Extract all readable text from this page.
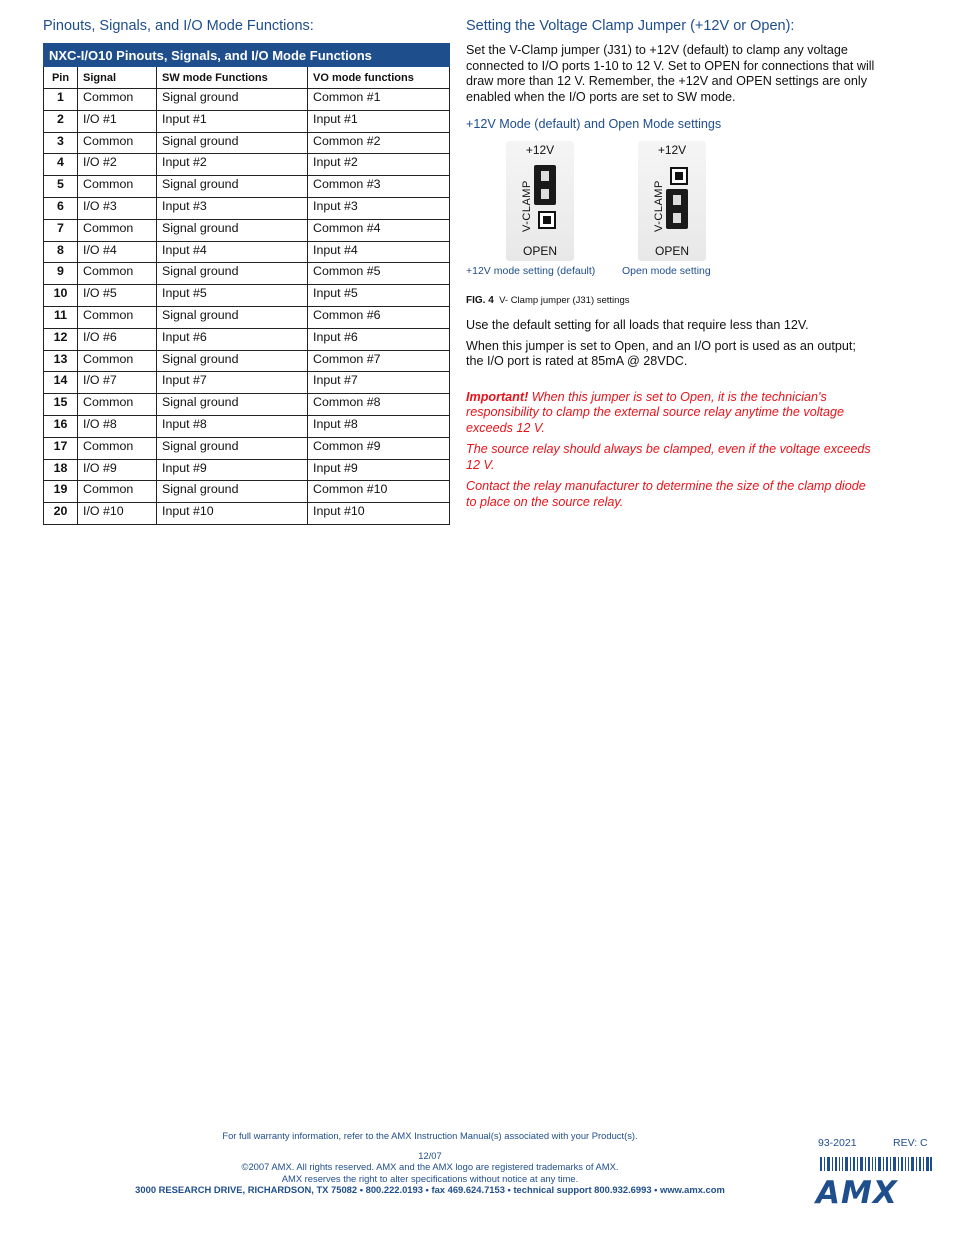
Pinouts, Signals, and I/O Mode Functions:
NXC-I/O10 Pinouts, Signals, and I/O Mode Functions			
Pin	Signal	SW mode Functions	VO mode functions
1	Common	Signal ground	Common #1
2	I/O #1	Input #1	Input #1
3	Common	Signal ground	Common #2
4	I/O #2	Input #2	Input #2
5	Common	Signal ground	Common #3
6	I/O #3	Input #3	Input #3
7	Common	Signal ground	Common #4
8	I/O #4	Input #4	Input #4
9	Common	Signal ground	Common #5
10	I/O #5	Input #5	Input #5
11	Common	Signal ground	Common #6
12	I/O #6	Input #6	Input #6
13	Common	Signal ground	Common #7
14	I/O #7	Input #7	Input #7
15	Common	Signal ground	Common #8
16	I/O #8	Input #8	Input #8
17	Common	Signal ground	Common #9
18	I/O #9	Input #9	Input #9
19	Common	Signal ground	Common #10
20	I/O #10	Input #10	Input #10
Setting the Voltage Clamp Jumper (+12V or Open):

Set the V-Clamp jumper (J31) to +12V (default) to clamp any voltage connected to I/O ports 1-10 to 12 V. Set to OPEN for connections that will draw more than 12 V. Remember, the +12V and OPEN settings are only enabled when the I/O ports are set to SW mode.

+12V Mode (default) and Open Mode settings
+12V
V-CLAMP
OPEN
+12V mode setting (default)
+12V
V-CLAMP
OPEN
Open mode setting
FIG. 4 V- Clamp jumper (J31) settings

Use the default setting for all loads that require less than 12V.

When this jumper is set to Open, and an I/O port is used as an output; the I/O port is rated at 85mA @ 28VDC.

Important! When this jumper is set to Open, it is the technician's responsibility to clamp the external source relay anytime the voltage exceeds 12 V.

The source relay should always be clamped, even if the voltage exceeds 12 V.

Contact the relay manufacturer to determine the size of the clamp diode to place on the source relay.

For full warranty information, refer to the AMX Instruction Manual(s) associated with your Product(s).
12/07
©2007 AMX. All rights reserved. AMX and the AMX logo are registered trademarks of AMX.
AMX reserves the right to alter specifications without notice at any time.
3000 RESEARCH DRIVE, RICHARDSON, TX 75082 • 800.222.0193 • fax 469.624.7153 • technical support 800.932.6993 • www.amx.com
93-2021	REV: C
AMX
